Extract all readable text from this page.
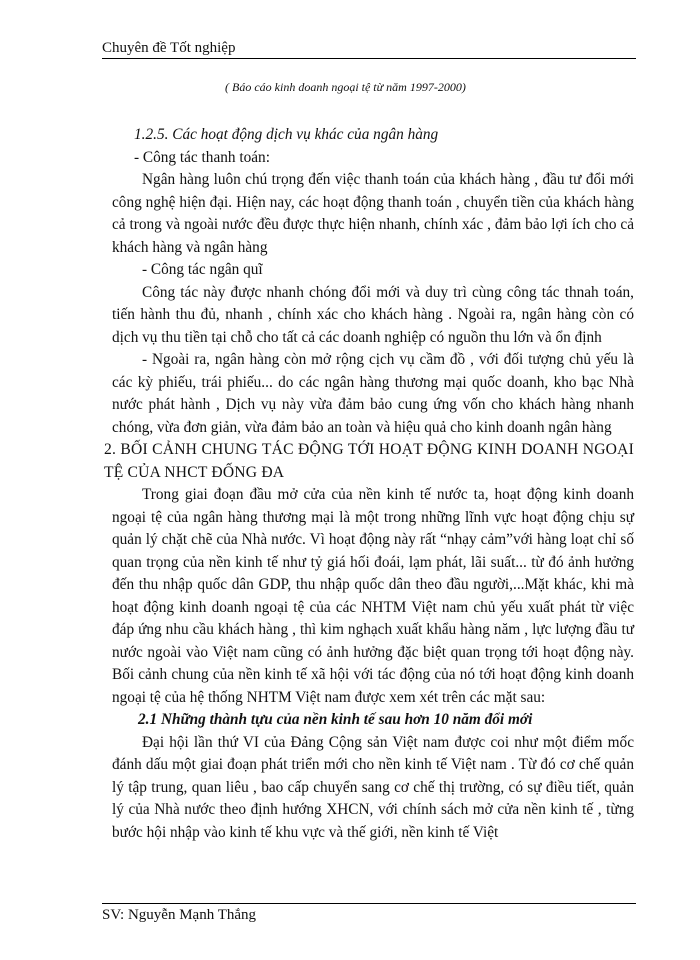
Chuyên đề Tốt nghiệp
( Báo cáo kinh doanh ngoại tệ từ năm 1997-2000)

1.2.5. Các hoạt động dịch vụ khác của ngân hàng

- Công tác thanh toán:

Ngân hàng luôn chú trọng đến việc thanh toán của khách hàng , đầu tư đổi mới công nghệ hiện đại. Hiện nay, các hoạt động thanh toán , chuyển tiền của khách hàng cả trong và ngoài nước đều được thực hiện nhanh, chính xác , đảm bảo lợi ích cho cả khách hàng và ngân hàng

- Công tác ngân quĩ

Công tác này được nhanh chóng đổi mới và duy trì cùng công tác thnah toán, tiến hành thu đủ, nhanh , chính xác cho khách hàng . Ngoài ra, ngân hàng còn có dịch vụ thu tiền tại chỗ cho tất cả các doanh nghiệp có nguồn thu lớn và ổn định

- Ngoài ra, ngân hàng còn mở rộng cịch vụ cầm đồ , với đối tượng chủ yếu là các kỳ phiếu, trái phiếu... do các ngân hàng thương mại quốc doanh, kho bạc Nhà nước phát hành , Dịch vụ này vừa đảm bảo cung ứng vốn cho khách hàng nhanh chóng, vừa đơn giản, vừa đảm bảo an toàn và hiệu quả cho kinh doanh ngân hàng

2. BỐI CẢNH CHUNG TÁC ĐỘNG TỚI HOẠT ĐỘNG KINH DOANH NGOẠI TỆ CỦA NHCT ĐỐNG ĐA

Trong giai đoạn đầu mở cửa của nền kinh tế nước ta, hoạt động kinh doanh ngoại tệ của ngân hàng thương mại là một trong những lĩnh vực hoạt động chịu sự quản lý chặt chẽ của Nhà nước. Vì hoạt động này rất “nhạy cảm”với hàng loạt chỉ số quan trọng của nền kinh tế như tỷ giá hối đoái, lạm phát, lãi suất... từ đó ảnh hưởng đến thu nhập quốc dân GDP, thu nhập quốc dân theo đầu người,...Mặt khác, khi mà hoạt động kinh doanh ngoại tệ của các NHTM Việt nam chủ yếu xuất phát từ việc đáp ứng nhu cầu khách hàng , thì kim nghạch xuất khẩu hàng năm , lực lượng đầu tư nước ngoài vào Việt nam cũng có ảnh hưởng đặc biệt quan trọng tới hoạt động này. Bối cảnh chung của nền kinh tế xã hội với tác động của nó tới hoạt động kinh doanh ngoại tệ của hệ thống NHTM Việt nam được xem xét trên các mặt sau:

2.1 Những thành tựu của nền kinh tế sau hơn 10 năm đổi mới

Đại hội lần thứ VI của Đảng Cộng sản Việt nam được coi như một điểm mốc đánh dấu một giai đoạn phát triển mới cho nền kinh tế Việt nam . Từ đó cơ chế quản lý tập trung, quan liêu , bao cấp chuyển sang cơ chế thị trường, có sự điều tiết, quản lý của Nhà nước theo định hướng XHCN, với chính sách mở cửa nền kinh tế , từng bước hội nhập vào kinh tế khu vực và thế giới, nền kinh tế Việt

SV: Nguyễn Mạnh Thắng
